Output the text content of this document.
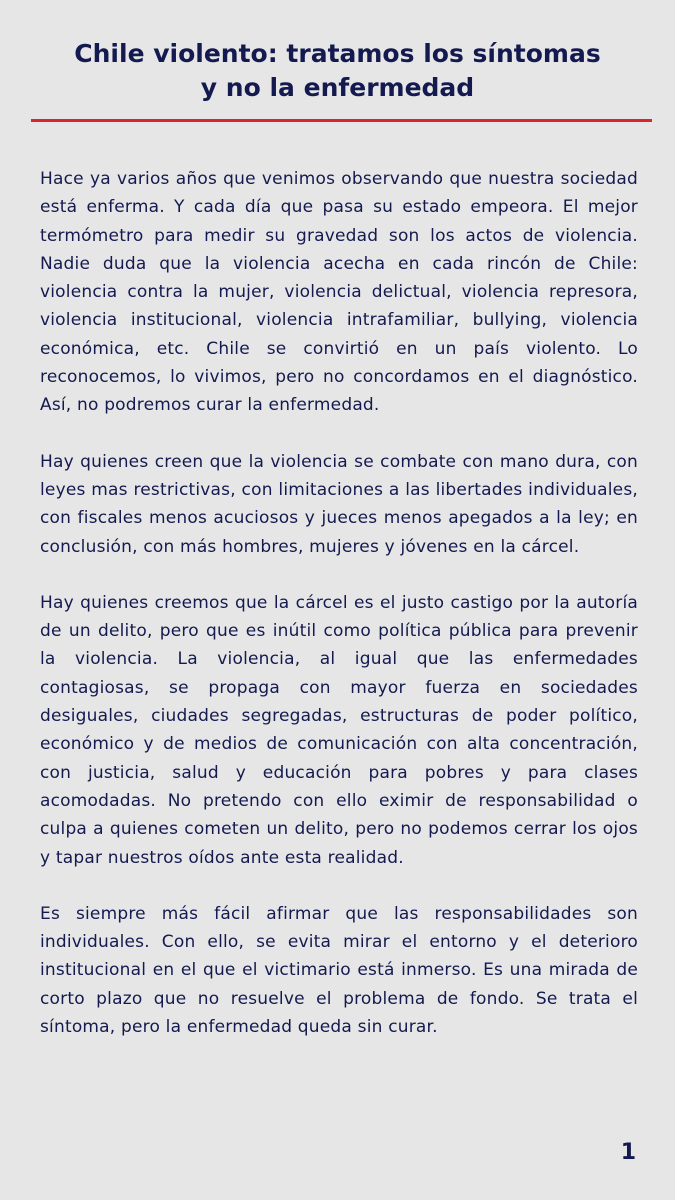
Chile violento: tratamos los síntomas
y no la enfermedad

Hace ya varios años que venimos observando que nuestra sociedad está enferma. Y cada día que pasa su estado empeora. El mejor termómetro para medir su gravedad son los actos de violencia. Nadie duda que la violencia acecha en cada rincón de Chile: violencia contra la mujer, violencia delictual, violencia represora, violencia institucional, violencia intrafamiliar, bullying, violencia económica, etc. Chile se convirtió en un país violento. Lo reconocemos, lo vivimos, pero no concordamos en el diagnóstico. Así, no podremos curar la enfermedad.

Hay quienes creen que la violencia se combate con mano dura, con leyes mas restrictivas, con limitaciones a las libertades individuales, con fiscales menos acuciosos y jueces menos apegados a la ley; en conclusión, con más hombres, mujeres y jóvenes en la cárcel.

Hay quienes creemos que la cárcel es el justo castigo por la autoría de un delito, pero que es inútil como política pública para prevenir la violencia. La violencia, al igual que las enfermedades contagiosas, se propaga con mayor fuerza en sociedades desiguales, ciudades segregadas, estructuras de poder político, económico y de medios de comunicación con alta concentración, con justicia, salud y educación para pobres y para clases acomodadas. No pretendo con ello eximir de responsabilidad o culpa a quienes cometen un delito, pero no podemos cerrar los ojos y tapar nuestros oídos ante esta realidad.

Es siempre más fácil afirmar que las responsabilidades son individuales. Con ello, se evita mirar el entorno y el deterioro institucional en el que el victimario está inmerso. Es una mirada de corto plazo que no resuelve el problema de fondo. Se trata el síntoma, pero la enfermedad queda sin curar.

1
